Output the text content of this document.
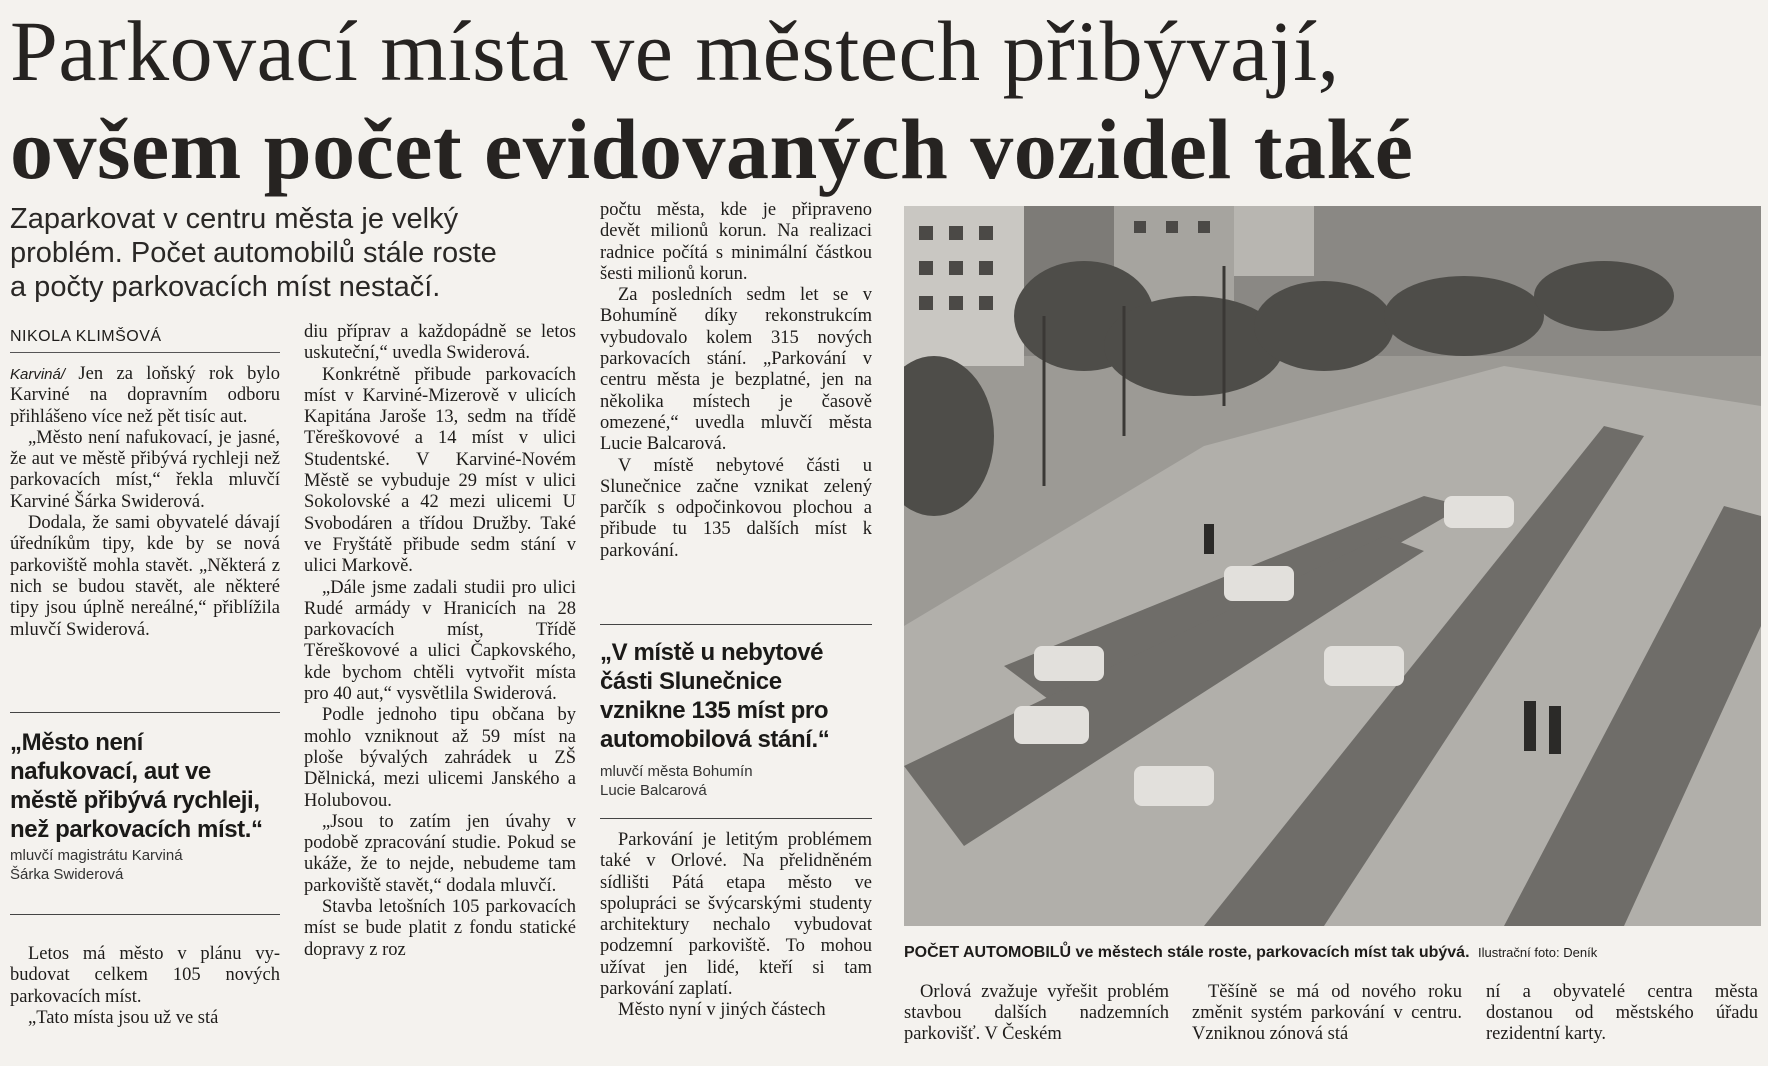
Parkovací místa ve městech přibývají,
ovšem počet evidovaných vozidel také
Zaparkovat v centru města je velký
problém. Počet automobilů stále roste
a počty parkovacích míst nestačí.
NIKOLA KLIMŠOVÁ

Karviná/ Jen za loňský rok bylo Karviné na dopravním odboru přihlášeno více než pět tisíc aut.

„Město není nafukovací, je jasné, že aut ve městě přibývá rychleji než parkovacích míst,“ řekla mluvčí Karviné Šárka Swiderová.

Dodala, že sami obyvatelé dávají úředníkům tipy, kde by se nová parkoviště mohla stavět. „Některá z nich se budou stavět, ale některé tipy jsou úplně nereálné,“ přiblížila mluvčí Swiderová.

„Město není
nafukovací, aut ve
městě přibývá rychleji,
než parkovacích míst.“
mluvčí magistrátu Karviná
Šárka Swiderová

Letos má město v plánu vybudovat celkem 105 nových parkovacích míst.

„Tato místa jsou už ve stá

diu příprav a každopádně se letos uskuteční,“ uvedla Swiderová.

Konkrétně přibude parkovacích míst v Karviné-Mizerově v ulicích Kapitána Jaroše 13, sedm na třídě Těreškovové a 14 míst v ulici Studentské. V Karviné-Novém Městě se vybuduje 29 míst v ulici Sokolovské a 42 mezi ulicemi U Svobodáren a třídou Družby. Také ve Fryštátě přibude sedm stání v ulici Markově.

„Dále jsme zadali studii pro ulici Rudé armády v Hranicích na 28 parkovacích míst, Třídě Těreškovové a ulici Čapkovského, kde bychom chtěli vytvořit místa pro 40 aut,“ vysvětlila Swiderová.

Podle jednoho tipu občana by mohlo vzniknout až 59 míst na ploše bývalých zahrádek u ZŠ Dělnická, mezi ulicemi Janského a Holubovou.

„Jsou to zatím jen úvahy v podobě zpracování studie. Pokud se ukáže, že to nejde, nebudeme tam parkoviště stavět,“ dodala mluvčí.

Stavba letošních 105 parkovacích míst se bude platit z fondu statické dopravy z roz

počtu města, kde je připraveno devět milionů korun. Na realizaci radnice počítá s minimální částkou šesti milionů korun.

Za posledních sedm let se v Bohumíně díky rekonstrukcím vybudovalo kolem 315 nových parkovacích stání. „Parkování v centru města je bezplatné, jen na několika místech je časově omezené,“ uvedla mluvčí města Lucie Balcarová.

V místě nebytové části u Slunečnice začne vznikat zelený parčík s odpočinkovou plochou a přibude tu 135 dalších míst k parkování.

„V místě u nebytové
části Slunečnice
vznikne 135 míst pro
automobilová stání.“
mluvčí města Bohumín
Lucie Balcarová

Parkování je letitým problémem také v Orlové. Na přelidněném sídlišti Pátá etapa město ve spolupráci se švýcarskými studenty architektury nechalo vybudovat podzemní parkoviště. To mohou užívat jen lidé, kteří si tam parkování zaplatí.

Město nyní v jiných částech

POČET AUTOMOBILŮ ve městech stále roste, parkovacích míst tak ubývá. Ilustrační foto: Deník

Orlová zvažuje vyřešit problém stavbou dalších nadzemních parkovišť. V Českém

Těšíně se má od nového roku změnit systém parkování v centru. Vzniknou zónová stá

ní a obyvatelé centra města dostanou od městského úřadu rezidentní karty.
